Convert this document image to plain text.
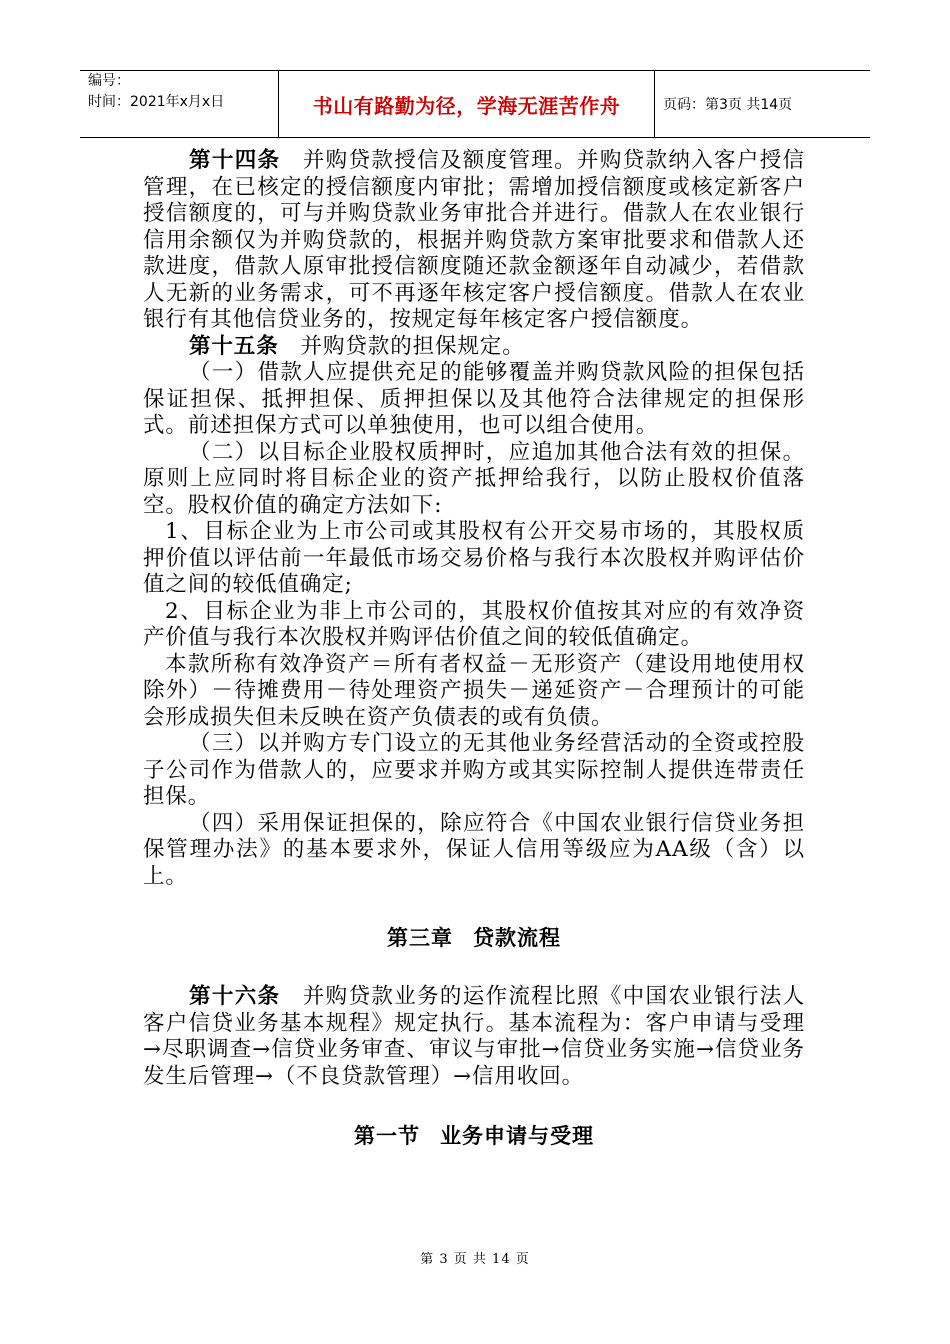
编号：
时间：2021年x月x日	书山有路勤为径，学海无涯苦作舟	页码：第3页 共14页

第十四条 并购贷款授信及额度管理。并购贷款纳入客户授信管理，在已核定的授信额度内审批；需增加授信额度或核定新客户授信额度的，可与并购贷款业务审批合并进行。借款人在农业银行信用余额仅为并购贷款的，根据并购贷款方案审批要求和借款人还款进度，借款人原审批授信额度随还款金额逐年自动减少，若借款人无新的业务需求，可不再逐年核定客户授信额度。借款人在农业银行有其他信贷业务的，按规定每年核定客户授信额度。

第十五条 并购贷款的担保规定。

（一）借款人应提供充足的能够覆盖并购贷款风险的担保包括保证担保、抵押担保、质押担保以及其他符合法律规定的担保形式。前述担保方式可以单独使用，也可以组合使用。

（二）以目标企业股权质押时，应追加其他合法有效的担保。原则上应同时将目标企业的资产抵押给我行，以防止股权价值落空。股权价值的确定方法如下:

1、目标企业为上市公司或其股权有公开交易市场的，其股权质押价值以评估前一年最低市场交易价格与我行本次股权并购评估价值之间的较低值确定;

2、目标企业为非上市公司的，其股权价值按其对应的有效净资产价值与我行本次股权并购评估价值之间的较低值确定。

本款所称有效净资产＝所有者权益－无形资产（建设用地使用权除外）－待摊费用－待处理资产损失－递延资产－合理预计的可能会形成损失但未反映在资产负债表的或有负债。

（三）以并购方专门设立的无其他业务经营活动的全资或控股子公司作为借款人的，应要求并购方或其实际控制人提供连带责任担保。

（四）采用保证担保的，除应符合《中国农业银行信贷业务担保管理办法》的基本要求外，保证人信用等级应为AA级（含）以上。

第三章 贷款流程

第十六条 并购贷款业务的运作流程比照《中国农业银行法人客户信贷业务基本规程》规定执行。基本流程为：客户申请与受理→尽职调查→信贷业务审查、审议与审批→信贷业务实施→信贷业务发生后管理→（不良贷款管理）→信用收回。

第一节 业务申请与受理
第 3 页 共 14 页
